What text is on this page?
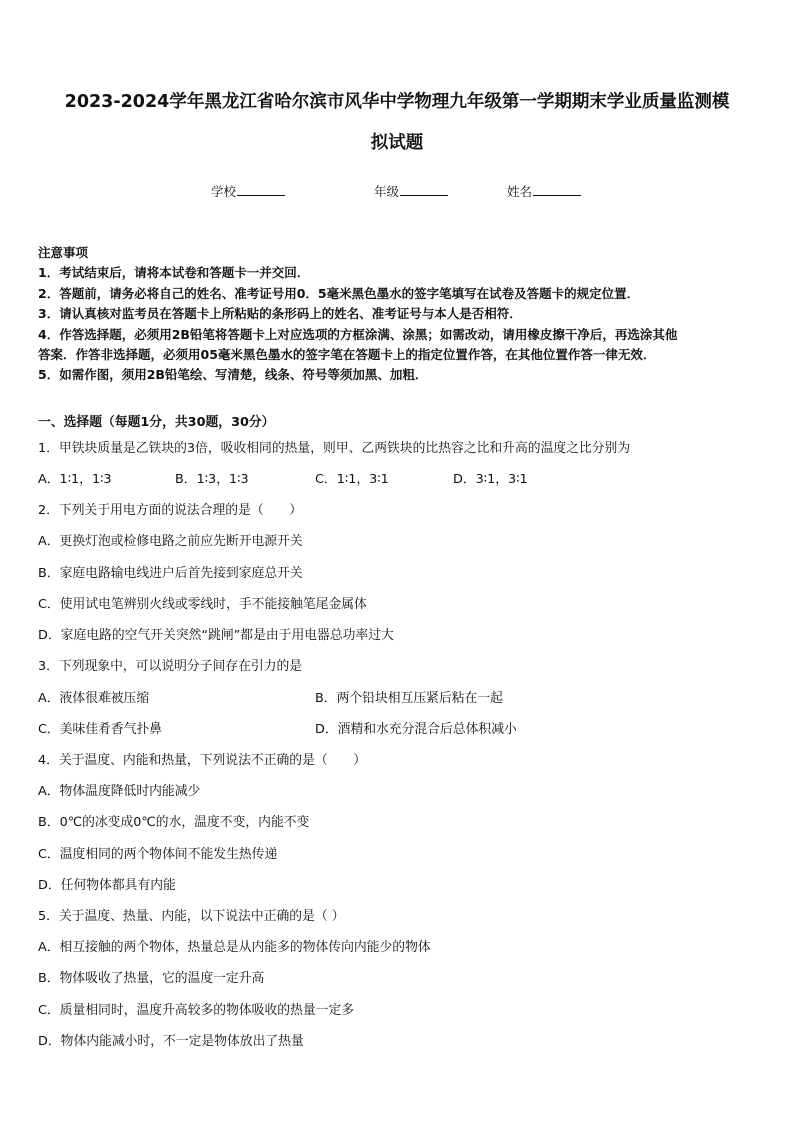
2023-2024学年黑龙江省哈尔滨市风华中学物理九年级第一学期期末学业质量监测模
拟试题
学校	年级	姓名
注意事项
1．考试结束后，请将本试卷和答题卡一并交回．
2．答题前，请务必将自己的姓名、准考证号用0．5毫米黑色墨水的签字笔填写在试卷及答题卡的规定位置．
3．请认真核对监考员在答题卡上所粘贴的条形码上的姓名、准考证号与本人是否相符．
4．作答选择题，必须用2B铅笔将答题卡上对应选项的方框涂满、涂黑；如需改动，请用橡皮擦干净后，再选涂其他
答案．作答非选择题，必须用05毫米黑色墨水的签字笔在答题卡上的指定位置作答，在其他位置作答一律无效．
5．如需作图，须用2B铅笔绘、写清楚，线条、符号等须加黑、加粗．
一、选择题（每题1分，共30题，30分）
1．甲铁块质量是乙铁块的3倍，吸收相同的热量，则甲、乙两铁块的比热容之比和升高的温度之比分别为
A．1∶1，1∶3	B．1∶3，1∶3	C．1∶1，3∶1	D．3∶1，3∶1
2．下列关于用电方面的说法合理的是（　　）
A．更换灯泡或检修电路之前应先断开电源开关
B．家庭电路输电线进户后首先接到家庭总开关
C．使用试电笔辨别火线或零线时，手不能接触笔尾金属体
D．家庭电路的空气开关突然“跳闸”都是由于用电器总功率过大
3．下列现象中，可以说明分子间存在引力的是
A．液体很难被压缩	B．两个铅块相互压紧后粘在一起
C．美味佳肴香气扑鼻	D．酒精和水充分混合后总体积减小
4．关于温度、内能和热量，下列说法不正确的是（　　）
A．物体温度降低时内能减少
B．0℃的冰变成0℃的水，温度不变，内能不变
C．温度相同的两个物体间不能发生热传递
D．任何物体都具有内能
5．关于温度、热量、内能，以下说法中正确的是（ ）
A．相互接触的两个物体，热量总是从内能多的物体传向内能少的物体
B．物体吸收了热量，它的温度一定升高
C．质量相同时，温度升高较多的物体吸收的热量一定多
D．物体内能减小时，不一定是物体放出了热量
